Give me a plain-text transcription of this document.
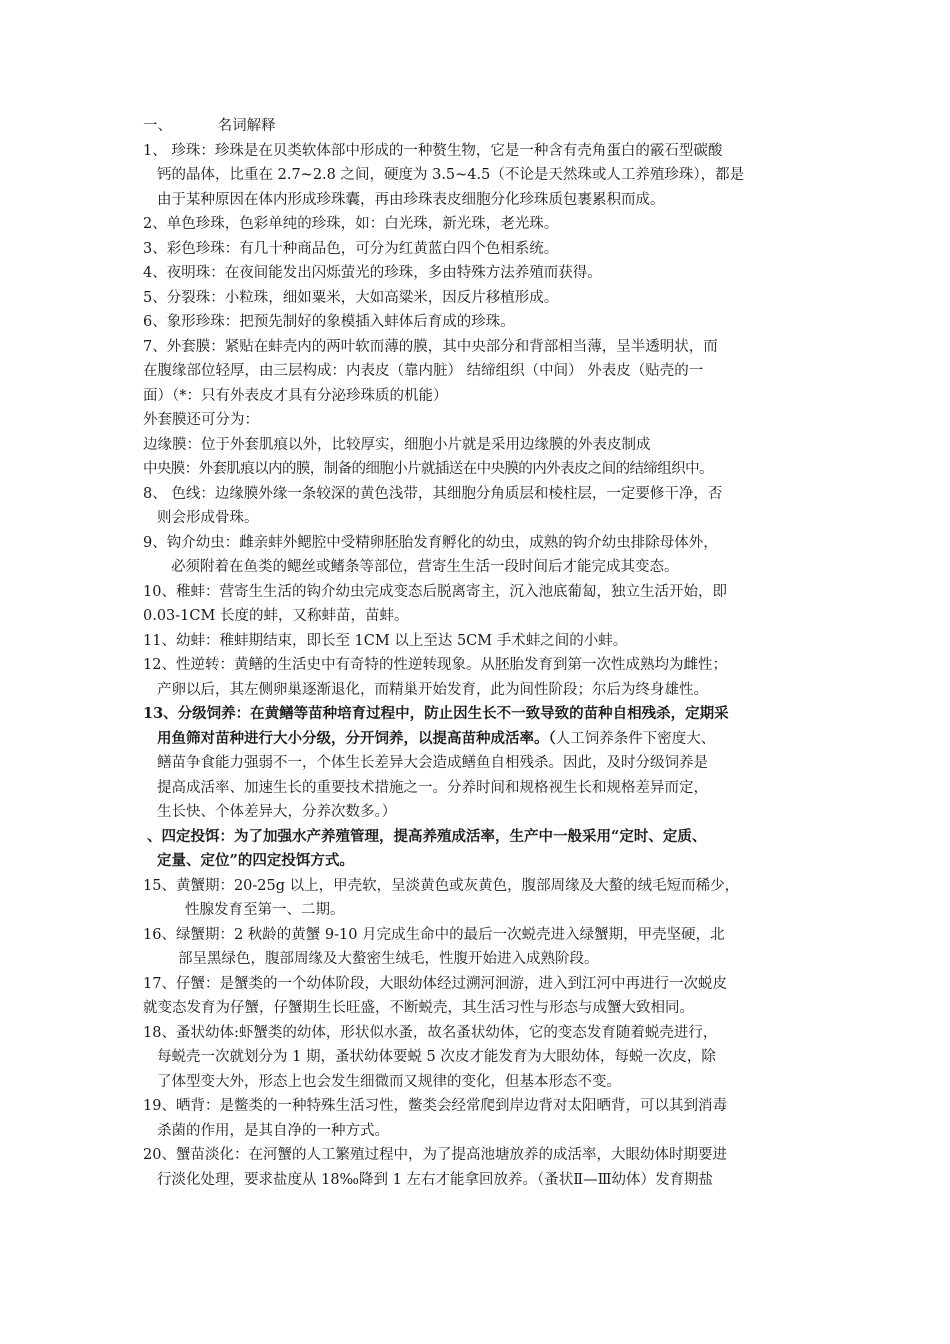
一、	名词解释
1、 珍珠：珍珠是在贝类软体部中形成的一种赘生物，它是一种含有壳角蛋白的霰石型碳酸
钙的晶体，比重在 2.7~2.8 之间，硬度为 3.5~4.5（不论是天然珠或人工养殖珍珠），都是
由于某种原因在体内形成珍珠囊，再由珍珠表皮细胞分化珍珠质包裹累积而成。
2、单色珍珠，色彩单纯的珍珠，如：白光珠，新光珠，老光珠。
3、彩色珍珠：有几十种商品色，可分为红黄蓝白四个色相系统。
4、夜明珠：在夜间能发出闪烁萤光的珍珠，多由特殊方法养殖而获得。
5、分裂珠：小粒珠，细如粟米，大如高粱米，因反片移植形成。
6、象形珍珠：把预先制好的象模插入蚌体后育成的珍珠。
7、外套膜：紧贴在蚌壳内的两叶软而薄的膜，其中央部分和背部相当薄，呈半透明状，而
在腹缘部位轻厚，由三层构成：内表皮（靠内脏） 结缔组织（中间） 外表皮（贴壳的一
面）（*：只有外表皮才具有分泌珍珠质的机能）
外套膜还可分为：
边缘膜：位于外套肌痕以外，比较厚实，细胞小片就是采用边缘膜的外表皮制成
中央膜：外套肌痕以内的膜，制备的细胞小片就插送在中央膜的内外表皮之间的结缔组织中。
8、 色线：边缘膜外缘一条较深的黄色浅带，其细胞分角质层和棱柱层，一定要修干净，否
则会形成骨珠。
9、钩介幼虫：雌亲蚌外鳃腔中受精卵胚胎发育孵化的幼虫，成熟的钩介幼虫排除母体外，
必须附着在鱼类的鳃丝或鳍条等部位，营寄生生活一段时间后才能完成其变态。
10、稚蚌：营寄生生活的钩介幼虫完成变态后脱离寄主，沉入池底葡匐，独立生活开始，即
0.03-1CM 长度的蚌，又称蚌苗，苗蚌。
11、幼蚌：稚蚌期结束，即长至 1CM 以上至达 5CM 手术蚌之间的小蚌。
12、性逆转：黄鳝的生活史中有奇特的性逆转现象。从胚胎发育到第一次性成熟均为雌性；
产卵以后，其左侧卵巢逐渐退化，而精巢开始发育，此为间性阶段；尔后为终身雄性。
13、分级饲养：在黄鳝等苗种培育过程中，防止因生长不一致导致的苗种自相残杀，定期采
用鱼筛对苗种进行大小分级，分开饲养，以提高苗种成活率。（人工饲养条件下密度大、
鳝苗争食能力强弱不一，个体生长差异大会造成鳝鱼自相残杀。因此，及时分级饲养是
提高成活率、加速生长的重要技术措施之一。分养时间和规格视生长和规格差异而定，
生长快、个体差异大，分养次数多。）
、四定投饵：为了加强水产养殖管理，提高养殖成活率，生产中一般采用“定时、定质、
定量、定位”的四定投饵方式。
15、黄蟹期：20-25g 以上，甲壳软，呈淡黄色或灰黄色，腹部周缘及大螯的绒毛短而稀少，
性腺发育至第一、二期。
16、绿蟹期：2 秋龄的黄蟹 9-10 月完成生命中的最后一次蜕壳进入绿蟹期，甲壳坚硬，北
部呈黑绿色，腹部周缘及大螯密生绒毛，性腹开始进入成熟阶段。
17、仔蟹：是蟹类的一个幼体阶段，大眼幼体经过溯河洄游，进入到江河中再进行一次蜕皮
就变态发育为仔蟹，仔蟹期生长旺盛，不断蜕壳，其生活习性与形态与成蟹大致相同。
18、蚤状幼体:虾蟹类的幼体，形状似水蚤，故名蚤状幼体，它的变态发育随着蜕壳进行，
每蜕壳一次就划分为 1 期，蚤状幼体要蜕 5 次皮才能发育为大眼幼体，每蜕一次皮，除
了体型变大外，形态上也会发生细微而又规律的变化，但基本形态不变。
19、晒背：是鳖类的一种特殊生活习性，鳖类会经常爬到岸边背对太阳晒背，可以其到消毒
杀菌的作用，是其自净的一种方式。
20、蟹苗淡化：在河蟹的人工繁殖过程中，为了提高池塘放养的成活率，大眼幼体时期要进
行淡化处理，要求盐度从 18‰降到 1 左右才能拿回放养。（蚤状Ⅱ—Ⅲ幼体）发育期盐
